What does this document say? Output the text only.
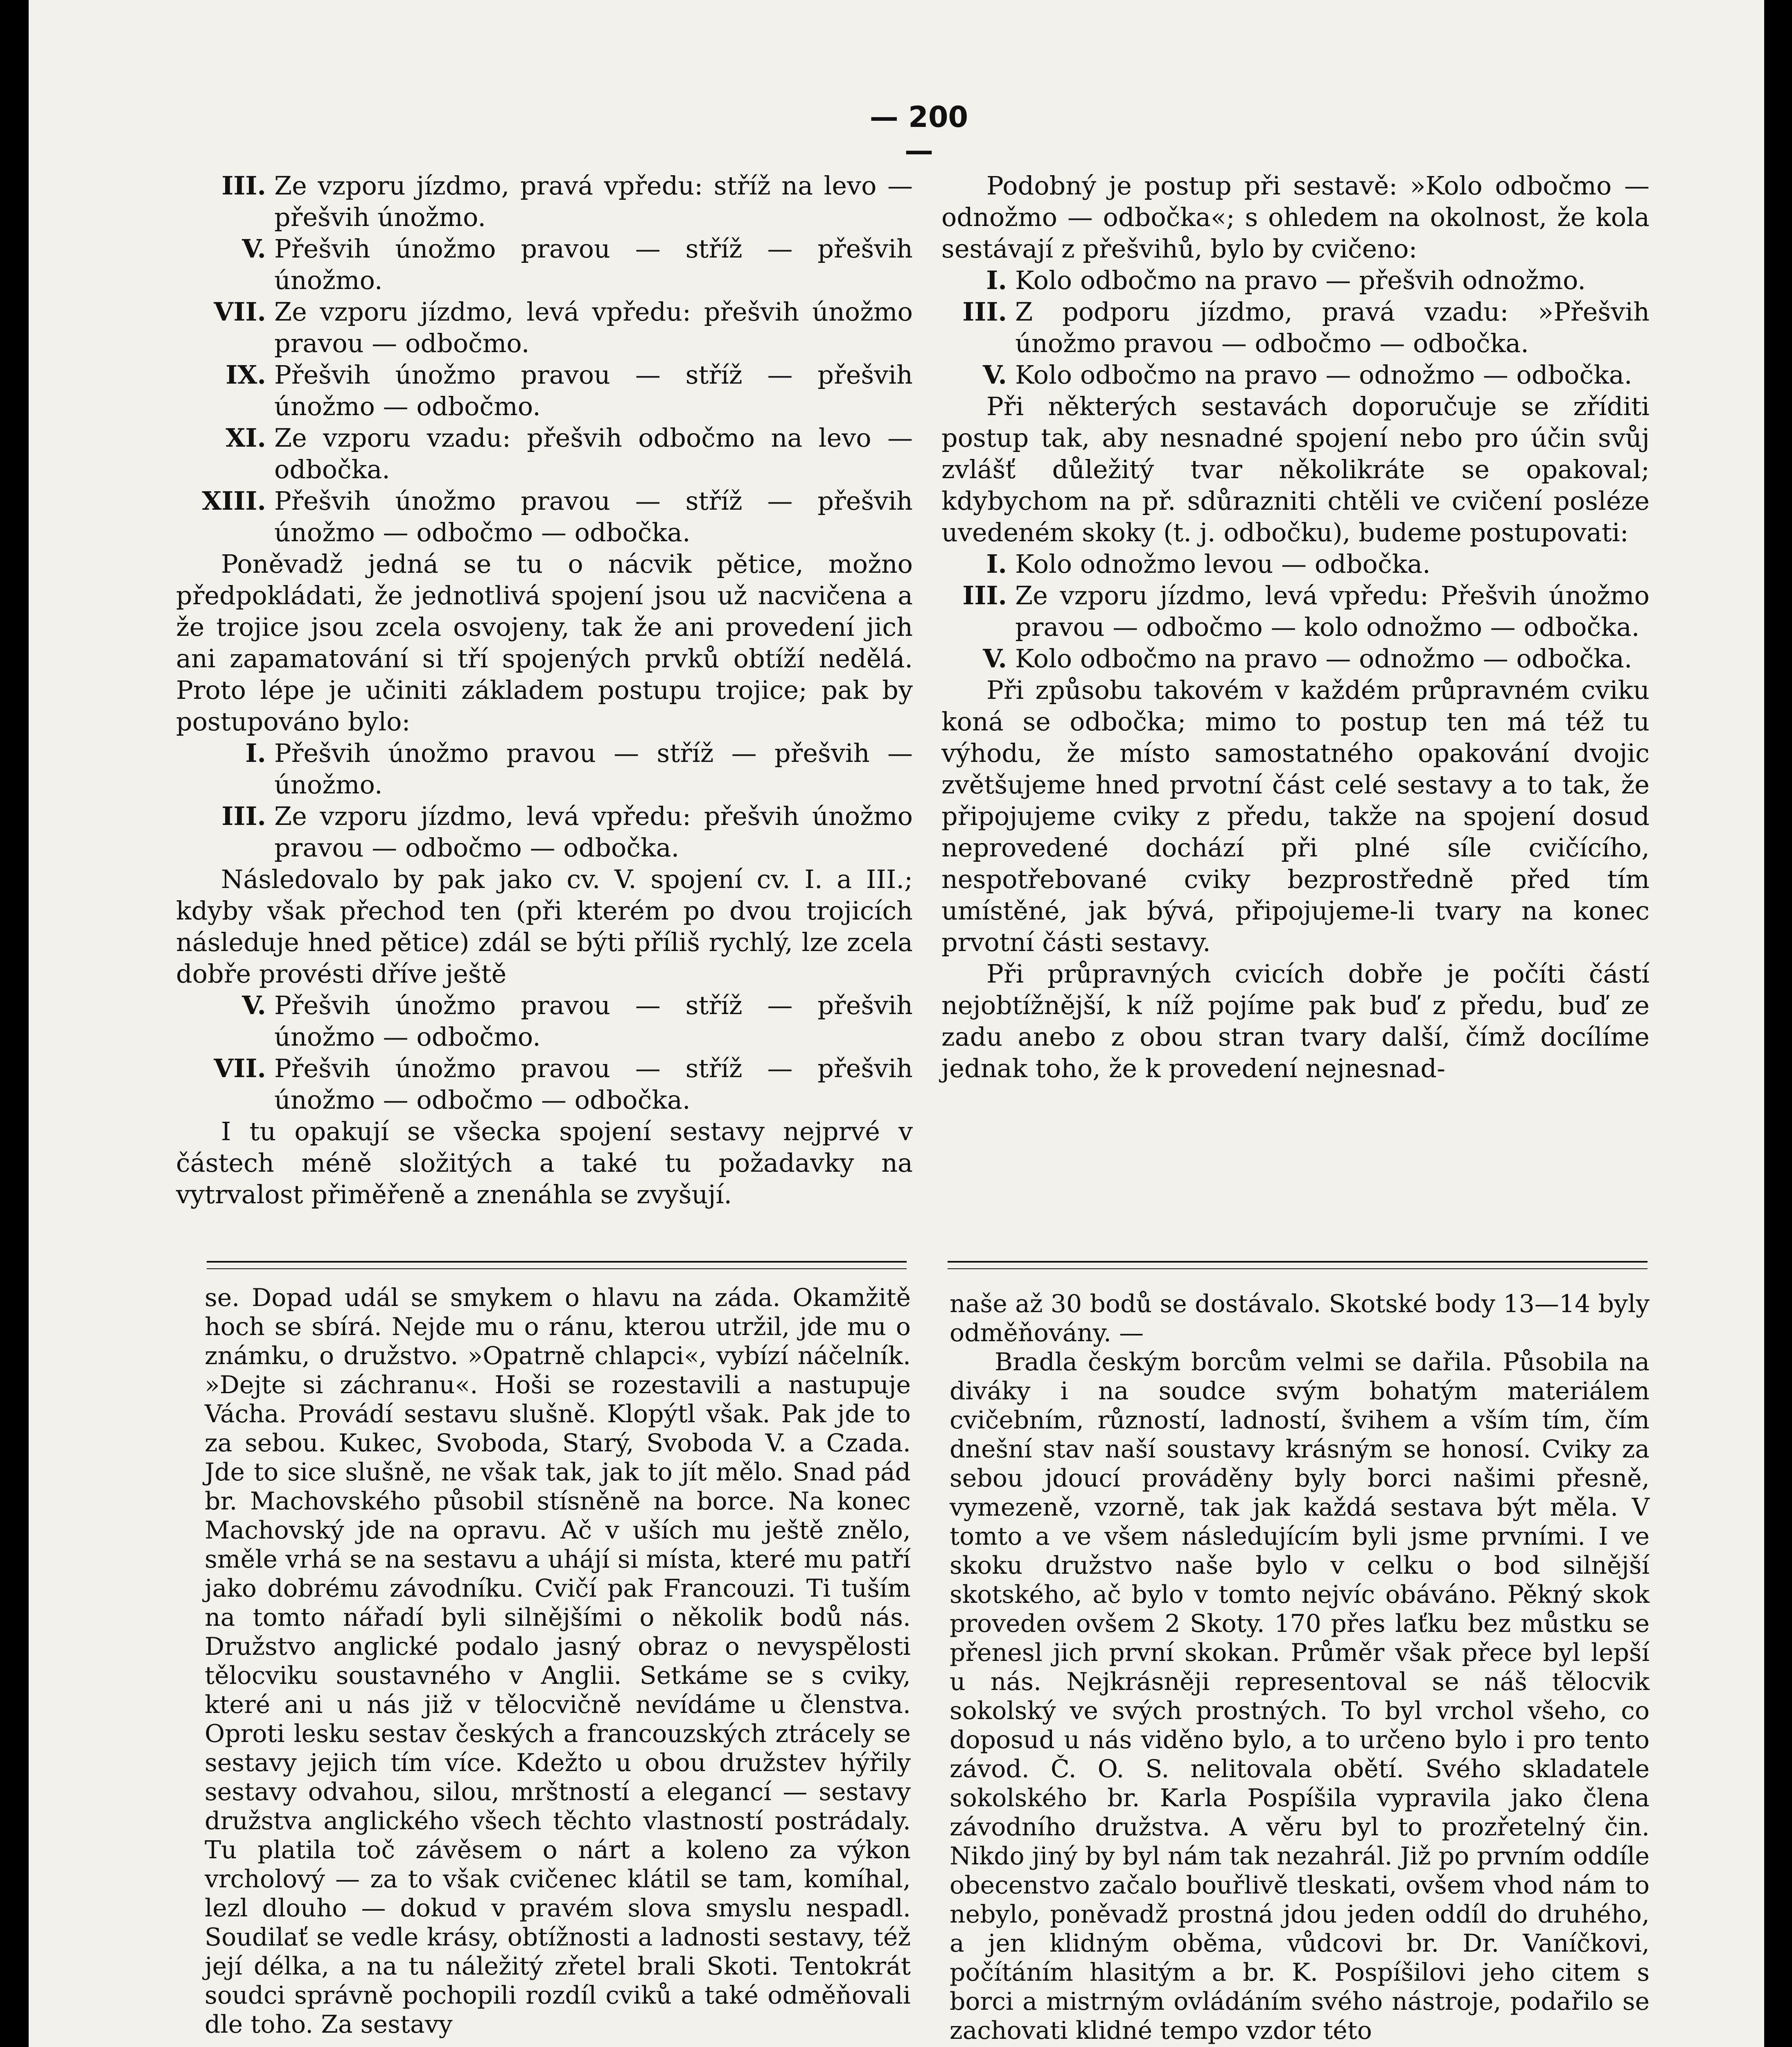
— 200 —
III. Ze vzporu jízdmo, pravá vpředu: stříž na levo — přešvih únožmo.
V. Přešvih únožmo pravou — stříž — přešvih únožmo.
VII. Ze vzporu jízdmo, levá vpředu: přešvih únožmo pravou — odbočmo.
IX. Přešvih únožmo pravou — stříž — přešvih únožmo — odbočmo.
XI. Ze vzporu vzadu: přešvih odbočmo na levo — odbočka.
XIII. Přešvih únožmo pravou — stříž — přešvih únožmo — odbočmo — odbočka.

Poněvadž jedná se tu o nácvik pětice, možno předpokládati, že jednotlivá spojení jsou už nacvičena a že trojice jsou zcela osvojeny, tak že ani provedení jich ani zapamatování si tří spojených prvků obtíží nedělá. Proto lépe je učiniti základem postupu trojice; pak by postupováno bylo:

I. Přešvih únožmo pravou — stříž — přešvih — únožmo.
III. Ze vzporu jízdmo, levá vpředu: přešvih únožmo pravou — odbočmo — odbočka.

Následovalo by pak jako cv. V. spojení cv. I. a III.; kdyby však přechod ten (při kterém po dvou trojicích následuje hned pětice) zdál se býti příliš rychlý, lze zcela dobře provésti dříve ještě

V. Přešvih únožmo pravou — stříž — přešvih únožmo — odbočmo.
VII. Přešvih únožmo pravou — stříž — přešvih únožmo — odbočmo — odbočka.

I tu opakují se všecka spojení sestavy nejprvé v částech méně složitých a také tu požadavky na vytrvalost přiměřeně a znenáhla se zvyšují.

Podobný je postup při sestavě: »Kolo odbočmo — odnožmo — odbočka«; s ohledem na okolnost, že kola sestávají z přešvihů, bylo by cvičeno:

I. Kolo odbočmo na pravo — přešvih odnožmo.
III. Z podporu jízdmo, pravá vzadu: »Přešvih únožmo pravou — odbočmo — odbočka.
V. Kolo odbočmo na pravo — odnožmo — odbočka.

Při některých sestavách doporučuje se zříditi postup tak, aby nesnadné spojení nebo pro účin svůj zvlášť důležitý tvar několikráte se opakoval; kdybychom na př. sdůrazniti chtěli ve cvičení posléze uvedeném skoky (t. j. odbočku), budeme postupovati:

I. Kolo odnožmo levou — odbočka.
III. Ze vzporu jízdmo, levá vpředu: Přešvih únožmo pravou — odbočmo — kolo odnožmo — odbočka.
V. Kolo odbočmo na pravo — odnožmo — odbočka.

Při způsobu takovém v každém průpravném cviku koná se odbočka; mimo to postup ten má též tu výhodu, že místo samostatného opakování dvojic zvětšujeme hned prvotní část celé sestavy a to tak, že připojujeme cviky z předu, takže na spojení dosud neprovedené dochází při plné síle cvičícího, nespotřebované cviky bezprostředně před tím umístěné, jak bývá, připojujeme-li tvary na konec prvotní části sestavy.

Při průpravných cvicích dobře je počíti částí nejobtížnější, k níž pojíme pak buď z předu, buď ze zadu anebo z obou stran tvary další, čímž docílíme jednak toho, že k provedení nejnesnad-

se. Dopad udál se smykem o hlavu na záda. Okamžitě hoch se sbírá. Nejde mu o ránu, kterou utržil, jde mu o známku, o družstvo. »Opatrně chlapci«, vybízí náčelník. »Dejte si záchranu«. Hoši se rozestavili a nastupuje Vácha. Provádí sestavu slušně. Klopýtl však. Pak jde to za sebou. Kukec, Svoboda, Starý, Svoboda V. a Czada. Jde to sice slušně, ne však tak, jak to jít mělo. Snad pád br. Machovského působil stísněně na borce. Na konec Machovský jde na opravu. Ač v uších mu ještě znělo, směle vrhá se na sestavu a uhájí si místa, které mu patří jako dobrému závodníku. Cvičí pak Francouzi. Ti tuším na tomto nářadí byli silnějšími o několik bodů nás. Družstvo anglické podalo jasný obraz o nevyspělosti tělocviku soustavného v Anglii. Setkáme se s cviky, které ani u nás již v tělocvičně nevídáme u členstva. Oproti lesku sestav českých a francouzských ztrácely se sestavy jejich tím více. Kdežto u obou družstev hýřily sestavy odvahou, silou, mrštností a elegancí — sestavy družstva anglického všech těchto vlastností postrádaly. Tu platila toč závěsem o nárt a koleno za výkon vrcholový — za to však cvičenec klátil se tam, komíhal, lezl dlouho — dokud v pravém slova smyslu nespadl. Soudilať se vedle krásy, obtížnosti a ladnosti sestavy, též její délka, a na tu náležitý zřetel brali Skoti. Tentokrát soudci správně pochopili rozdíl cviků a také odměňovali dle toho. Za sestavy

naše až 30 bodů se dostávalo. Skotské body 13—14 byly odměňovány. —

Bradla českým borcům velmi se dařila. Působila na diváky i na soudce svým bohatým materiálem cvičebním, růzností, ladností, švihem a vším tím, čím dnešní stav naší soustavy krásným se honosí. Cviky za sebou jdoucí prováděny byly borci našimi přesně, vymezeně, vzorně, tak jak každá sestava být měla. V tomto a ve všem následujícím byli jsme prvními. I ve skoku družstvo naše bylo v celku o bod silnější skotského, ač bylo v tomto nejvíc obáváno. Pěkný skok proveden ovšem 2 Skoty. 170 přes laťku bez můstku se přenesl jich první skokan. Průměr však přece byl lepší u nás. Nejkrásněji representoval se náš tělocvik sokolský ve svých prostných. To byl vrchol všeho, co doposud u nás viděno bylo, a to určeno bylo i pro tento závod. Č. O. S. nelitovala obětí. Svého skladatele sokolského br. Karla Pospíšila vypravila jako člena závodního družstva. A věru byl to prozřetelný čin. Nikdo jiný by byl nám tak nezahrál. Již po prvním oddíle obecenstvo začalo bouřlivě tleskati, ovšem vhod nám to nebylo, poněvadž prostná jdou jeden oddíl do druhého, a jen klidným oběma, vůdcovi br. Dr. Vaníčkovi, počítáním hlasitým a br. K. Pospíšilovi jeho citem s borci a mistrným ovládáním svého nástroje, podařilo se zachovati klidné tempo vzdor této
